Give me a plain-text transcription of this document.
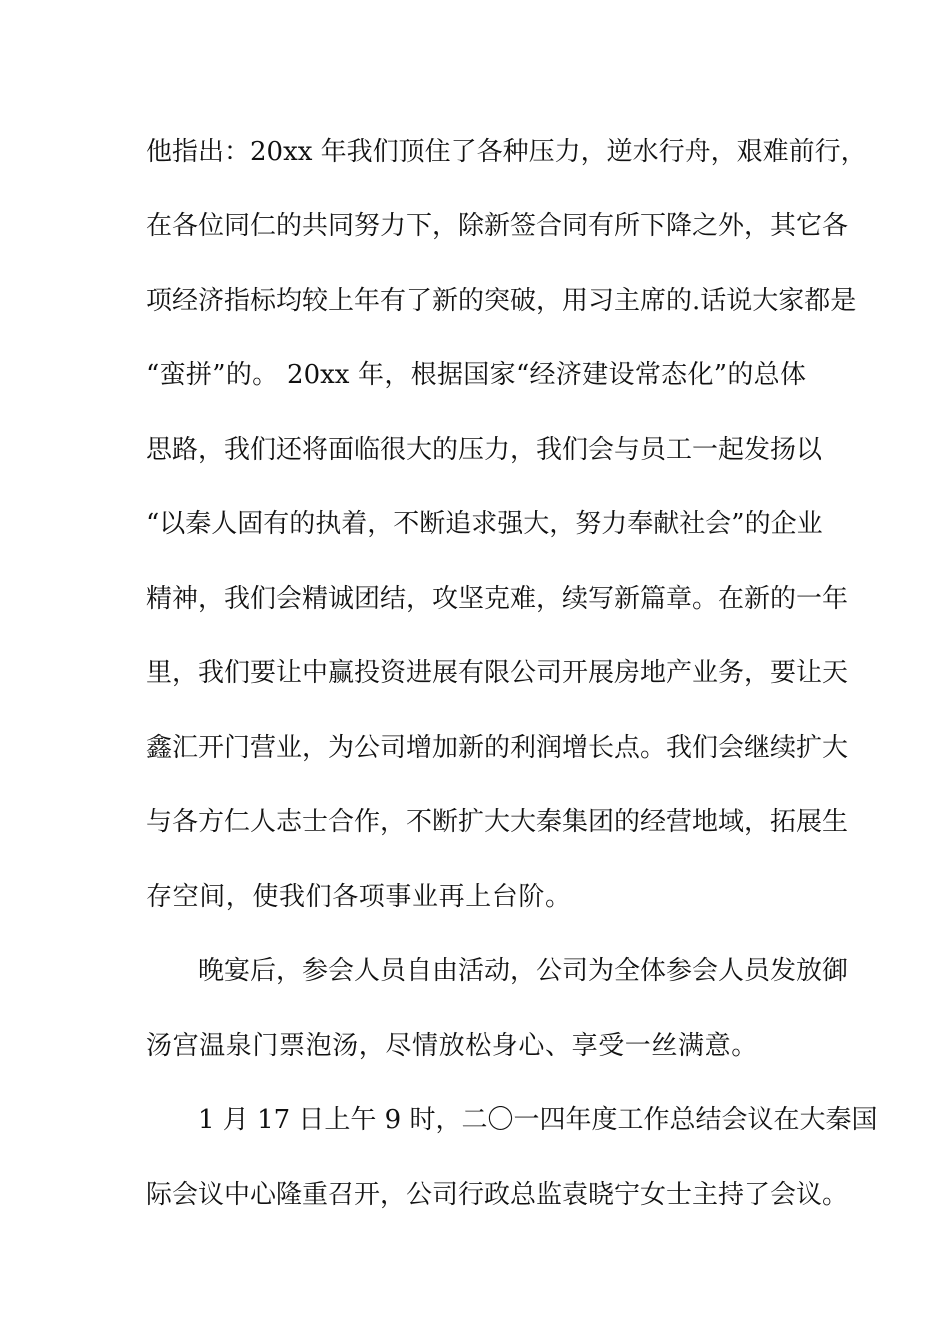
他指出：20xx 年我们顶住了各种压力，逆水行舟，艰难前行，

在各位同仁的共同努力下，除新签合同有所下降之外，其它各

项经济指标均较上年有了新的突破，用习主席的.话说大家都是

“蛮拼”的。 20xx 年，根据国家“经济建设常态化”的总体

思路，我们还将面临很大的压力，我们会与员工一起发扬以

“以秦人固有的执着，不断追求强大，努力奉献社会”的企业

精神，我们会精诚团结，攻坚克难，续写新篇章。在新的一年

里，我们要让中赢投资进展有限公司开展房地产业务，要让天

鑫汇开门营业，为公司增加新的利润增长点。我们会继续扩大

与各方仁人志士合作，不断扩大大秦集团的经营地域，拓展生

存空间，使我们各项事业再上台阶。

晚宴后，参会人员自由活动，公司为全体参会人员发放御

汤宫温泉门票泡汤，尽情放松身心、享受一丝满意。

1 月 17 日上午 9 时，二〇一四年度工作总结会议在大秦国

际会议中心隆重召开，公司行政总监袁晓宁女士主持了会议。
